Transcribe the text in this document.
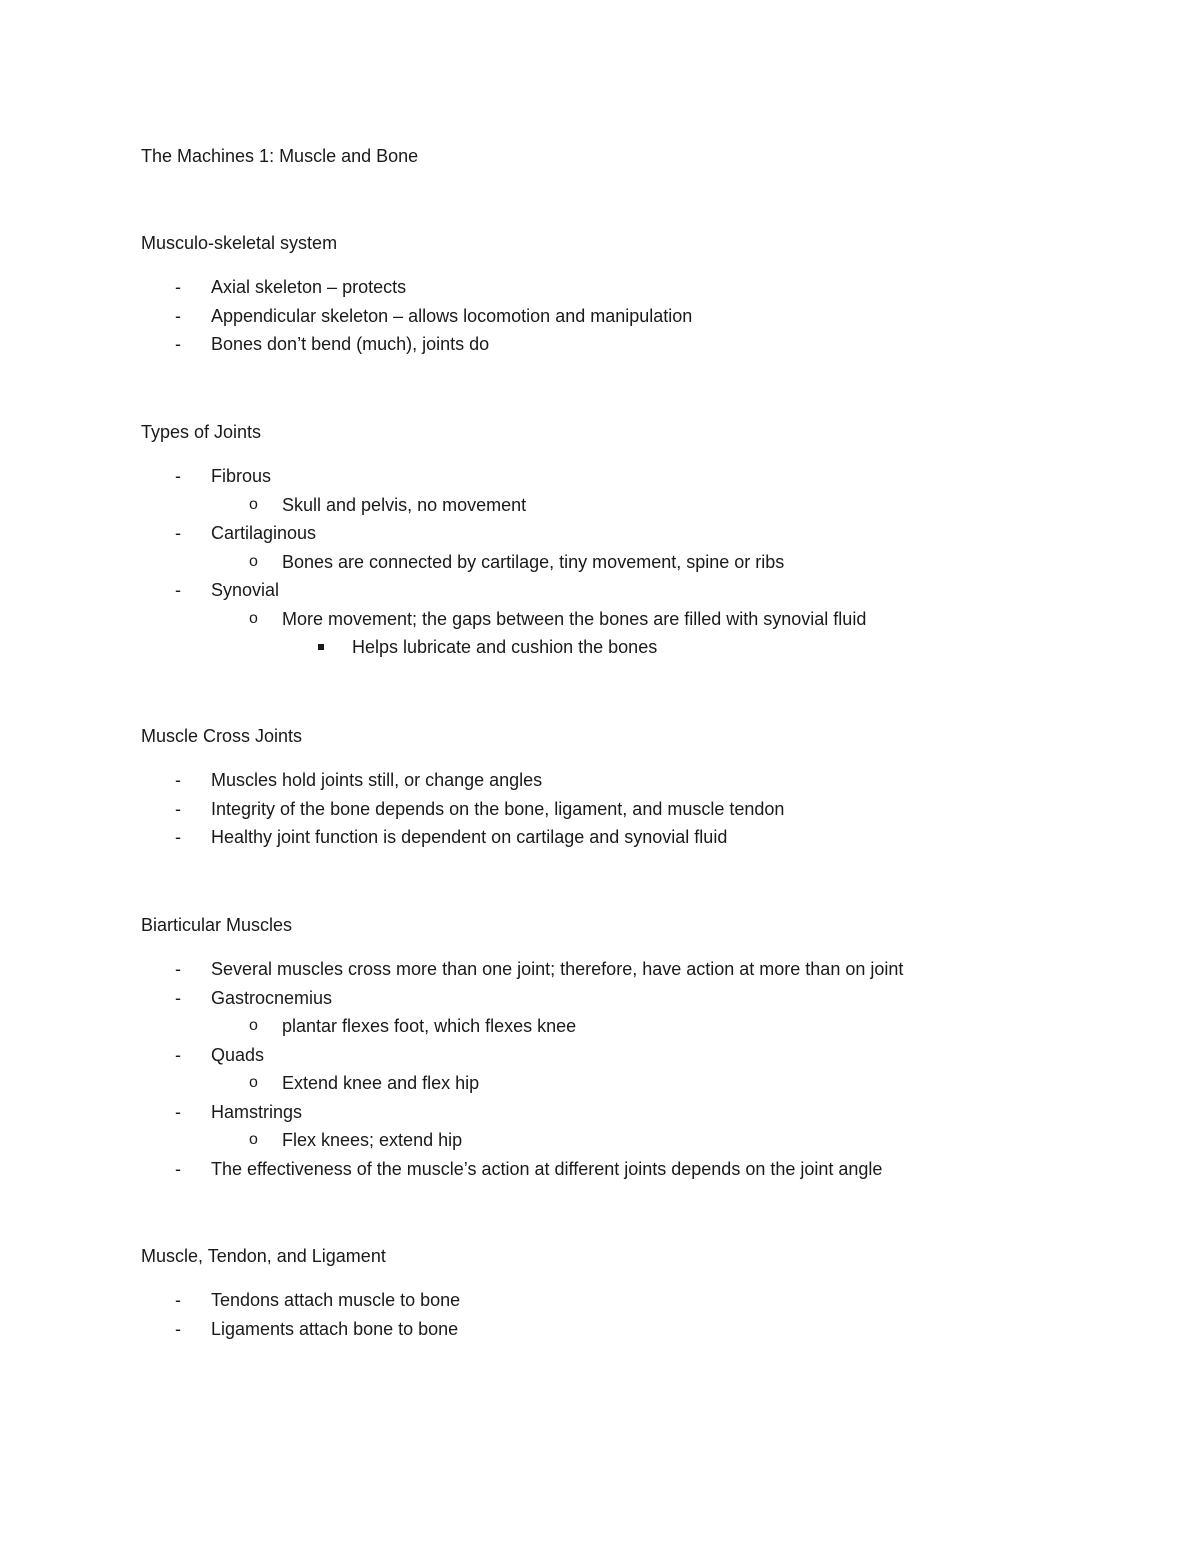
The Machines 1: Muscle and Bone
Musculo-skeletal system
-	Axial skeleton – protects
-	Appendicular skeleton – allows locomotion and manipulation
-	Bones don’t bend (much), joints do
Types of Joints
-	Fibrous
o	Skull and pelvis, no movement
-	Cartilaginous
o	Bones are connected by cartilage, tiny movement, spine or ribs
-	Synovial
o	More movement; the gaps between the bones are filled with synovial fluid
Helps lubricate and cushion the bones
Muscle Cross Joints
-	Muscles hold joints still, or change angles
-	Integrity of the bone depends on the bone, ligament, and muscle tendon
-	Healthy joint function is dependent on cartilage and synovial fluid
Biarticular Muscles
-	Several muscles cross more than one joint; therefore, have action at more than on joint
-	Gastrocnemius
o	plantar flexes foot, which flexes knee
-	Quads
o	Extend knee and flex hip
-	Hamstrings
o	Flex knees; extend hip
-	The effectiveness of the muscle’s action at different joints depends on the joint angle
Muscle, Tendon, and Ligament
-	Tendons attach muscle to bone
-	Ligaments attach bone to bone
